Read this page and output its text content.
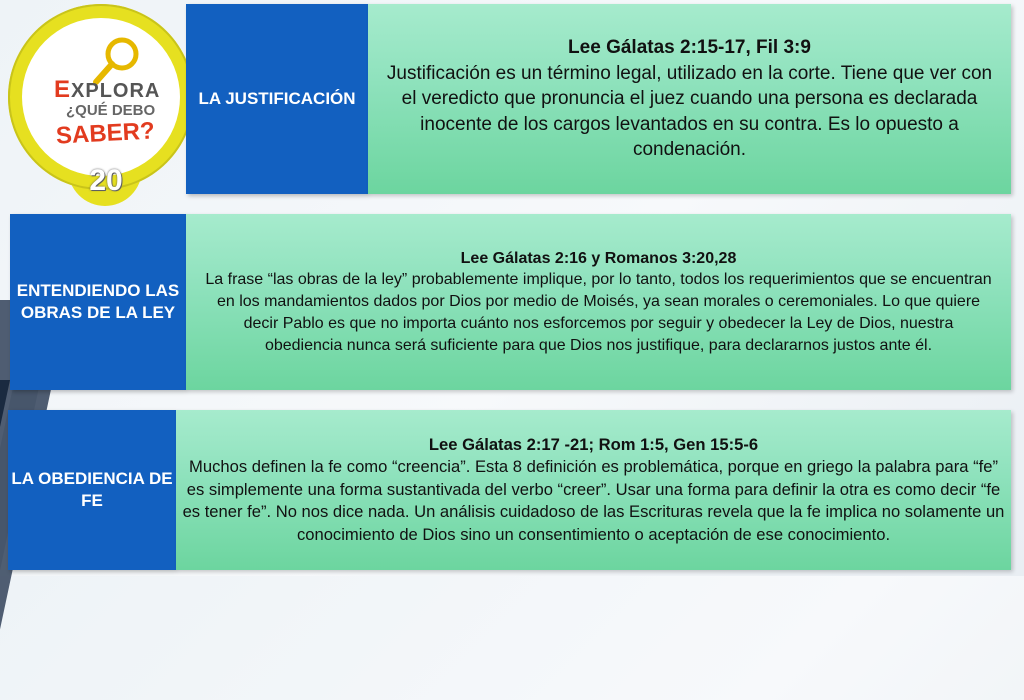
EXPLORA
¿QUÉ DEBO
SABER?
20
LA JUSTIFICACIÓN
Lee Gálatas 2:15-17, Fil 3:9
Justificación es un término legal, utilizado en la corte. Tiene que ver con el veredicto que pronuncia el juez cuando una persona es declarada inocente de los cargos levantados en su contra. Es lo opuesto a condenación.
ENTENDIENDO LAS OBRAS DE LA LEY
Lee Gálatas 2:16 y Romanos 3:20,28
La frase “las obras de la ley” probablemente implique, por lo tanto, todos los requerimientos que se encuentran en los mandamientos dados por Dios por medio de Moisés, ya sean morales o ceremoniales. Lo que quiere decir Pablo es que no importa cuánto nos esforcemos por seguir y obedecer la Ley de Dios, nuestra obediencia nunca será suficiente para que Dios nos justifique, para declararnos justos ante él.
LA OBEDIENCIA DE FE
Lee Gálatas 2:17 -21; Rom 1:5, Gen 15:5-6
Muchos definen la fe como “creencia”. Esta 8 definición es problemática, porque en griego la palabra para “fe” es simplemente una forma sustantivada del verbo “creer”. Usar una forma para definir la otra es como decir “fe es tener fe”. No nos dice nada. Un análisis cuidadoso de las Escrituras revela que la fe implica no solamente un conocimiento de Dios sino un consentimiento o aceptación de ese conocimiento.
